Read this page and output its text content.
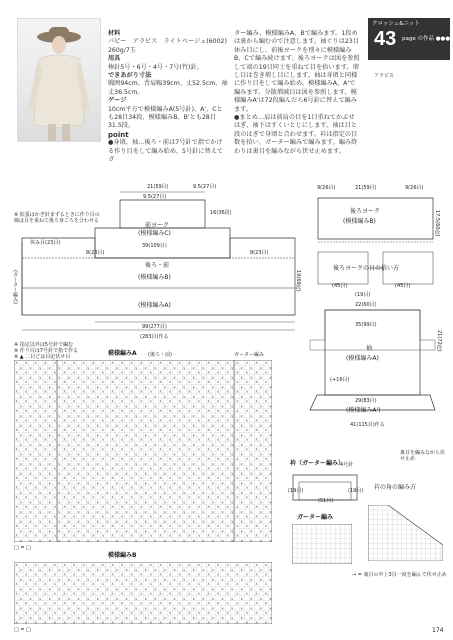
クロッシェ&ニット
43 page の作品 ●●●
アラビス
材料
パピー　アラビス　ライトベージュ(6002)
260g/7玉
用具
棒針5号・6号・4号・7号(竹)針。
できあがり寸法
胸囲94cm、背肩幅39cm、丈52.5cm、袖丈36.5cm。
ゲージ
10cm平方で模様編みA(5号針)、A'、Cとも28目34段、模様編みB、B'とも28目31.5段。
point
●身頃、袖…後ろ・前は7号針で指でかける作り目をして編み始め、5号針に替えてガ
ター編み、模様編みA、Bで編みます。1段めは裏から編むので注意します。袖ぐりは23目休み目にし、前後ヨークを別々に模様編みB、Cで編み続けます。後ろヨークは図を参照して端の19目同士を重ねて目を拾います。増し目は巻き増し目にします。袖は身頃と同様に作り目をして編み始め、模様編みA、A'で編みます。分散増減目は図を参照します。模様編みA'は72段編んだら6号針に替えて編みます。
●まとめ…肩は前肩の目を1目重ねてかぶせはぎ、袖下はすくいとじにします。袖は目と段のはぎで身頃と合わせます。衿は指定の目数を拾い、ガーター編みで編みます。編み終わりは裏目を編みながら伏せ止めます。
21(59目)
9.5(27目)
9.5(27目)
16(36段)
前ヨーク
(模様編みC)
39(109目)
8(23目)	8(23目)
休み目(23目)
後ろ・前
(模様編みB)
(模様編みA)
(ガーター編み)	19(60段)
99(277目)
(283目)作る
※ 拡張はかぎ針まずるときに作り目の線は目を重ねて後ろ身ごろを合わせる
※ 指定以外は5号針で編む
※ 作り目は7号針で指で作る
※ ▲ 二目どは目記伏せ目
21(59目)
9(26目)	9(26目)
17.5(60段)
後ろヨーク
(模様編みB)
後ろヨークの目の拾い方
(45目)
(19目)
(45目)
22(60目)
35(99目)
袖
(模様編みA)
(+16目)
29(83目)
(模様編みA')
41(115目)作る
21(72段)
模様編みA (後ろ・前)	ガーター編み
□ = □
模様編みB
□ = □
衿（ガーター編み）
4号針
(19目)
(51目)
(19目)
ガーター編み
衿の角の編み方
裏目を編みながら伏せ止め
→ = 裏目の中上3目一度を編んで伏せ止め
174
